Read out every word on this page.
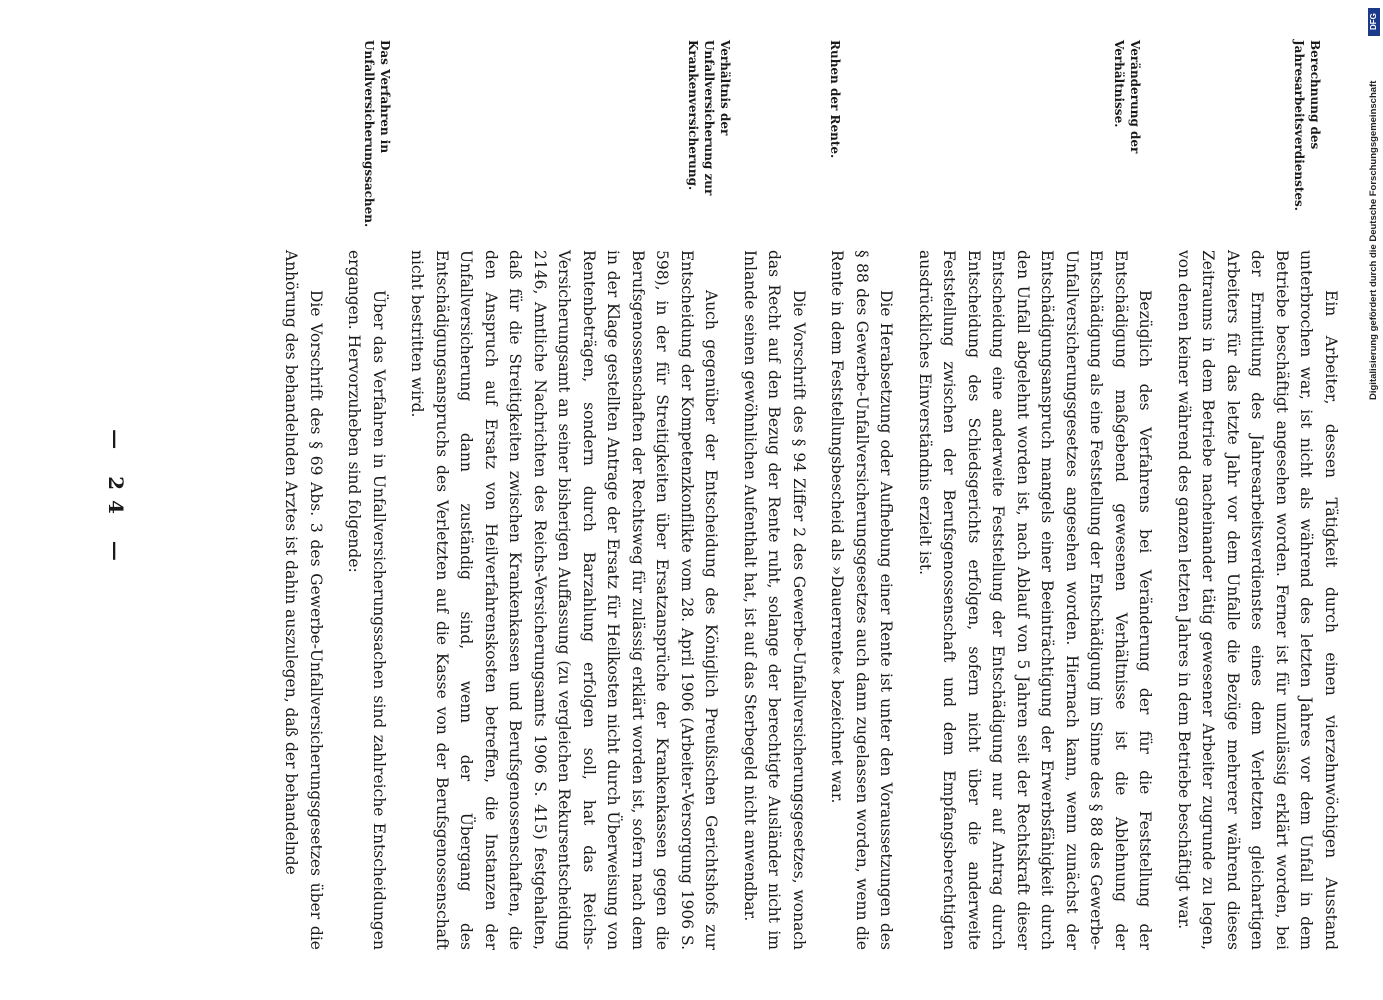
Berechnung des Jahresarbeitsverdienstes.
Veränderung der Verhältnisse.
Ruhen der Rente.
Verhältnis der Unfallversicherung zur Krankenversicherung.
Das Verfahren in Unfallversicherungssachen.

Ein Arbeiter, dessen Tätigkeit durch einen vierzehnwöchigen Ausstand unterbrochen war, ist nicht als während des letzten Jahres vor dem Unfall in dem Betriebe beschäftigt angesehen worden. Ferner ist für unzulässig erklärt worden, bei der Ermittlung des Jahresarbeitsverdienstes eines dem Verletzten gleichartigen Arbeiters für das letzte Jahr vor dem Unfalle die Bezüge mehrerer während dieses Zeitraums in dem Betriebe nacheinander tätig gewesener Arbeiter zugrunde zu legen, von denen keiner während des ganzen letzten Jahres in dem Betriebe beschäftigt war.

Bezüglich des Verfahrens bei Veränderung der für die Feststellung der Entschädigung maßgebend gewesenen Verhältnisse ist die Ablehnung der Entschädigung als eine Feststellung der Entschädigung im Sinne des § 88 des Gewerbe-Unfallversicherungsgesetzes angesehen worden. Hiernach kann, wenn zunächst der Entschädigungsanspruch mangels einer Beeinträchtigung der Erwerbsfähigkeit durch den Unfall abgelehnt worden ist, nach Ablauf von 5 Jahren seit der Rechtskraft dieser Entscheidung eine anderweite Feststellung der Entschädigung nur auf Antrag durch Entscheidung des Schiedsgerichts erfolgen, sofern nicht über die anderweite Feststellung zwischen der Berufsgenossenschaft und dem Empfangsberechtigten ausdrückliches Einverständnis erzielt ist.

Die Herabsetzung oder Aufhebung einer Rente ist unter den Voraussetzungen des § 88 des Gewerbe-Unfallversicherungsgesetzes auch dann zugelassen worden, wenn die Rente in dem Feststellungsbescheid als »Dauerrente« bezeichnet war.

Die Vorschrift des § 94 Ziffer 2 des Gewerbe-Unfallversicherungsgesetzes, wonach das Recht auf den Bezug der Rente ruht, solange der berechtigte Ausländer nicht im Inlande seinen gewöhnlichen Aufenthalt hat, ist auf das Sterbegeld nicht anwendbar.

Auch gegenüber der Entscheidung des Königlich Preußischen Gerichtshofs zur Entscheidung der Kompetenzkonflikte vom 28. April 1906 (Arbeiter-Versorgung 1906 S. 598), in der für Streitigkeiten über Ersatzansprüche der Krankenkassen gegen die Berufsgenossenschaften der Rechtsweg für zulässig erklärt worden ist, sofern nach dem in der Klage gestellten Antrage der Ersatz für Heilkosten nicht durch Überweisung von Rentenbeträgen, sondern durch Barzahlung erfolgen soll, hat das Reichs-Versicherungsamt an seiner bisherigen Auffassung (zu vergleichen Rekursentscheidung 2146, Amtliche Nachrichten des Reichs-Versicherungsamts 1906 S. 415) festgehalten, daß für die Streitigkeiten zwischen Krankenkassen und Berufsgenossenschaften, die den Anspruch auf Ersatz von Heilverfahrenskosten betreffen, die Instanzen der Unfallversicherung dann zuständig sind, wenn der Übergang des Entschädigungsanspruchs des Verletzten auf die Kasse von der Berufsgenossenschaft nicht bestritten wird.

Über das Verfahren in Unfallversicherungssachen sind zahlreiche Entscheidungen ergangen. Hervorzuheben sind folgende:

Die Vorschrift des § 69 Abs. 3 des Gewerbe-Unfallversicherungsgesetzes über die Anhörung des behandelnden Arztes ist dahin auszulegen, daß der behandelnde

— 24 —
DFG
Digitalisierung gefördert durch die Deutsche Forschungsgemeinschaft
